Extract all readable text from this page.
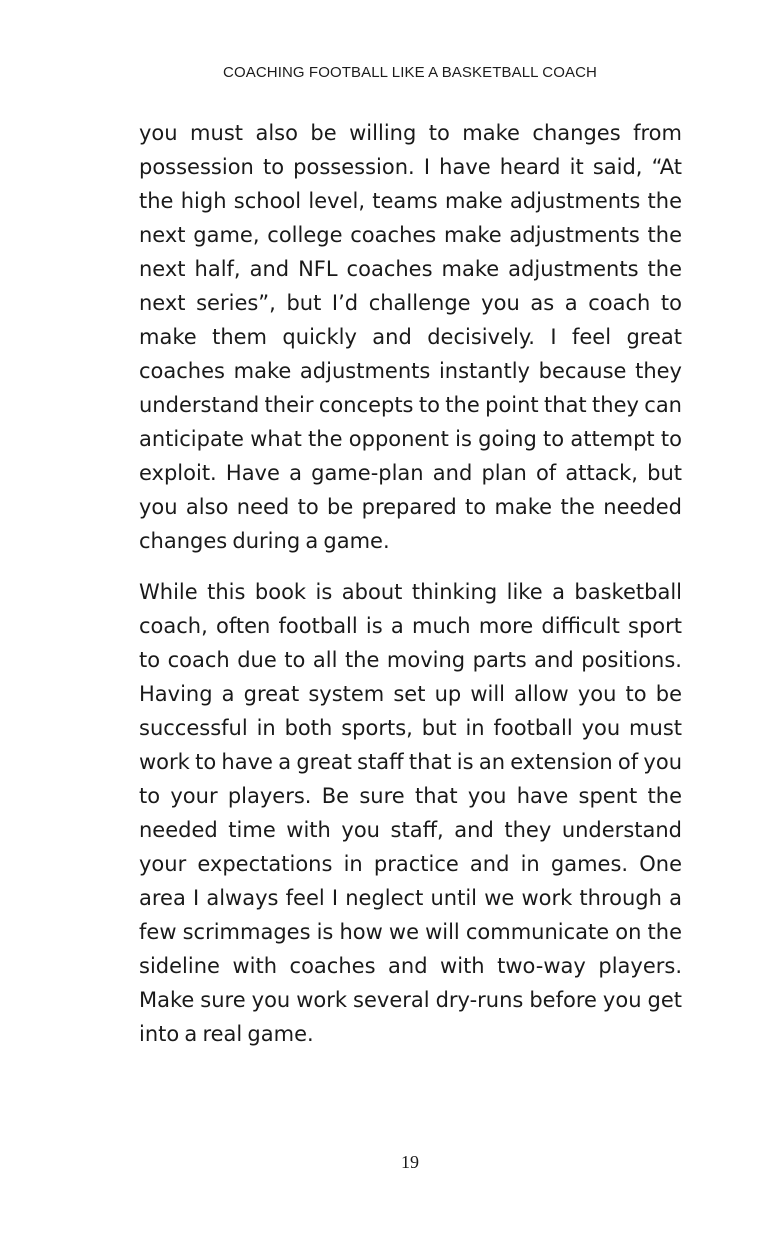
COACHING FOOTBALL LIKE A BASKETBALL COACH

you must also be willing to make changes from possession to possession. I have heard it said, “At the high school level, teams make adjustments the next game, college coaches make adjustments the next half, and NFL coaches make adjustments the next series”, but I’d challenge you as a coach to make them quickly and decisively. I feel great coaches make adjustments instantly because they understand their concepts to the point that they can anticipate what the opponent is going to attempt to exploit. Have a game-plan and plan of attack, but you also need to be prepared to make the needed changes during a game.

While this book is about thinking like a basketball coach, often football is a much more difficult sport to coach due to all the moving parts and positions. Having a great system set up will allow you to be successful in both sports, but in football you must work to have a great staff that is an extension of you to your players. Be sure that you have spent the needed time with you staff, and they understand your expectations in practice and in games. One area I always feel I neglect until we work through a few scrimmages is how we will communicate on the sideline with coaches and with two-way players. Make sure you work several dry-runs before you get into a real game.

19
